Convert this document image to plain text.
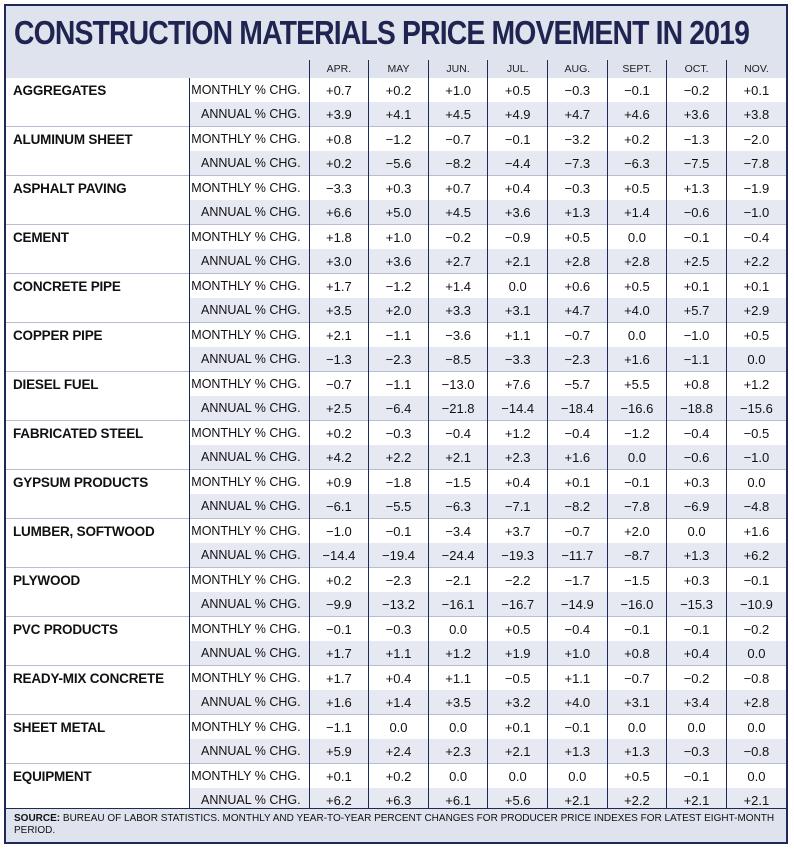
CONSTRUCTION MATERIALS PRICE MOVEMENT IN 2019
		APR.	MAY	JUN.	JUL.	AUG.	SEPT.	OCT.	NOV.
AGGREGATES	MONTHLY % CHG.	+0.7	+0.2	+1.0	+0.5	−0.3	−0.1	−0.2	+0.1
	ANNUAL % CHG.	+3.9	+4.1	+4.5	+4.9	+4.7	+4.6	+3.6	+3.8
ALUMINUM SHEET	MONTHLY % CHG.	+0.8	−1.2	−0.7	−0.1	−3.2	+0.2	−1.3	−2.0
	ANNUAL % CHG.	+0.2	−5.6	−8.2	−4.4	−7.3	−6.3	−7.5	−7.8
ASPHALT PAVING	MONTHLY % CHG.	−3.3	+0.3	+0.7	+0.4	−0.3	+0.5	+1.3	−1.9
	ANNUAL % CHG.	+6.6	+5.0	+4.5	+3.6	+1.3	+1.4	−0.6	−1.0
CEMENT	MONTHLY % CHG.	+1.8	+1.0	−0.2	−0.9	+0.5	0.0	−0.1	−0.4
	ANNUAL % CHG.	+3.0	+3.6	+2.7	+2.1	+2.8	+2.8	+2.5	+2.2
CONCRETE PIPE	MONTHLY % CHG.	+1.7	−1.2	+1.4	0.0	+0.6	+0.5	+0.1	+0.1
	ANNUAL % CHG.	+3.5	+2.0	+3.3	+3.1	+4.7	+4.0	+5.7	+2.9
COPPER PIPE	MONTHLY % CHG.	+2.1	−1.1	−3.6	+1.1	−0.7	0.0	−1.0	+0.5
	ANNUAL % CHG.	−1.3	−2.3	−8.5	−3.3	−2.3	+1.6	−1.1	0.0
DIESEL FUEL	MONTHLY % CHG.	−0.7	−1.1	−13.0	+7.6	−5.7	+5.5	+0.8	+1.2
	ANNUAL % CHG.	+2.5	−6.4	−21.8	−14.4	−18.4	−16.6	−18.8	−15.6
FABRICATED STEEL	MONTHLY % CHG.	+0.2	−0.3	−0.4	+1.2	−0.4	−1.2	−0.4	−0.5
	ANNUAL % CHG.	+4.2	+2.2	+2.1	+2.3	+1.6	0.0	−0.6	−1.0
GYPSUM PRODUCTS	MONTHLY % CHG.	+0.9	−1.8	−1.5	+0.4	+0.1	−0.1	+0.3	0.0
	ANNUAL % CHG.	−6.1	−5.5	−6.3	−7.1	−8.2	−7.8	−6.9	−4.8
LUMBER, SOFTWOOD	MONTHLY % CHG.	−1.0	−0.1	−3.4	+3.7	−0.7	+2.0	0.0	+1.6
	ANNUAL % CHG.	−14.4	−19.4	−24.4	−19.3	−11.7	−8.7	+1.3	+6.2
PLYWOOD	MONTHLY % CHG.	+0.2	−2.3	−2.1	−2.2	−1.7	−1.5	+0.3	−0.1
	ANNUAL % CHG.	−9.9	−13.2	−16.1	−16.7	−14.9	−16.0	−15.3	−10.9
PVC PRODUCTS	MONTHLY % CHG.	−0.1	−0.3	0.0	+0.5	−0.4	−0.1	−0.1	−0.2
	ANNUAL % CHG.	+1.7	+1.1	+1.2	+1.9	+1.0	+0.8	+0.4	0.0
READY-MIX CONCRETE	MONTHLY % CHG.	+1.7	+0.4	+1.1	−0.5	+1.1	−0.7	−0.2	−0.8
	ANNUAL % CHG.	+1.6	+1.4	+3.5	+3.2	+4.0	+3.1	+3.4	+2.8
SHEET METAL	MONTHLY % CHG.	−1.1	0.0	0.0	+0.1	−0.1	0.0	0.0	0.0
	ANNUAL % CHG.	+5.9	+2.4	+2.3	+2.1	+1.3	+1.3	−0.3	−0.8
EQUIPMENT	MONTHLY % CHG.	+0.1	+0.2	0.0	0.0	0.0	+0.5	−0.1	0.0
	ANNUAL % CHG.	+6.2	+6.3	+6.1	+5.6	+2.1	+2.2	+2.1	+2.1
SOURCE: BUREAU OF LABOR STATISTICS. MONTHLY AND YEAR-TO-YEAR PERCENT CHANGES FOR PRODUCER PRICE INDEXES FOR LATEST EIGHT-MONTH PERIOD.
